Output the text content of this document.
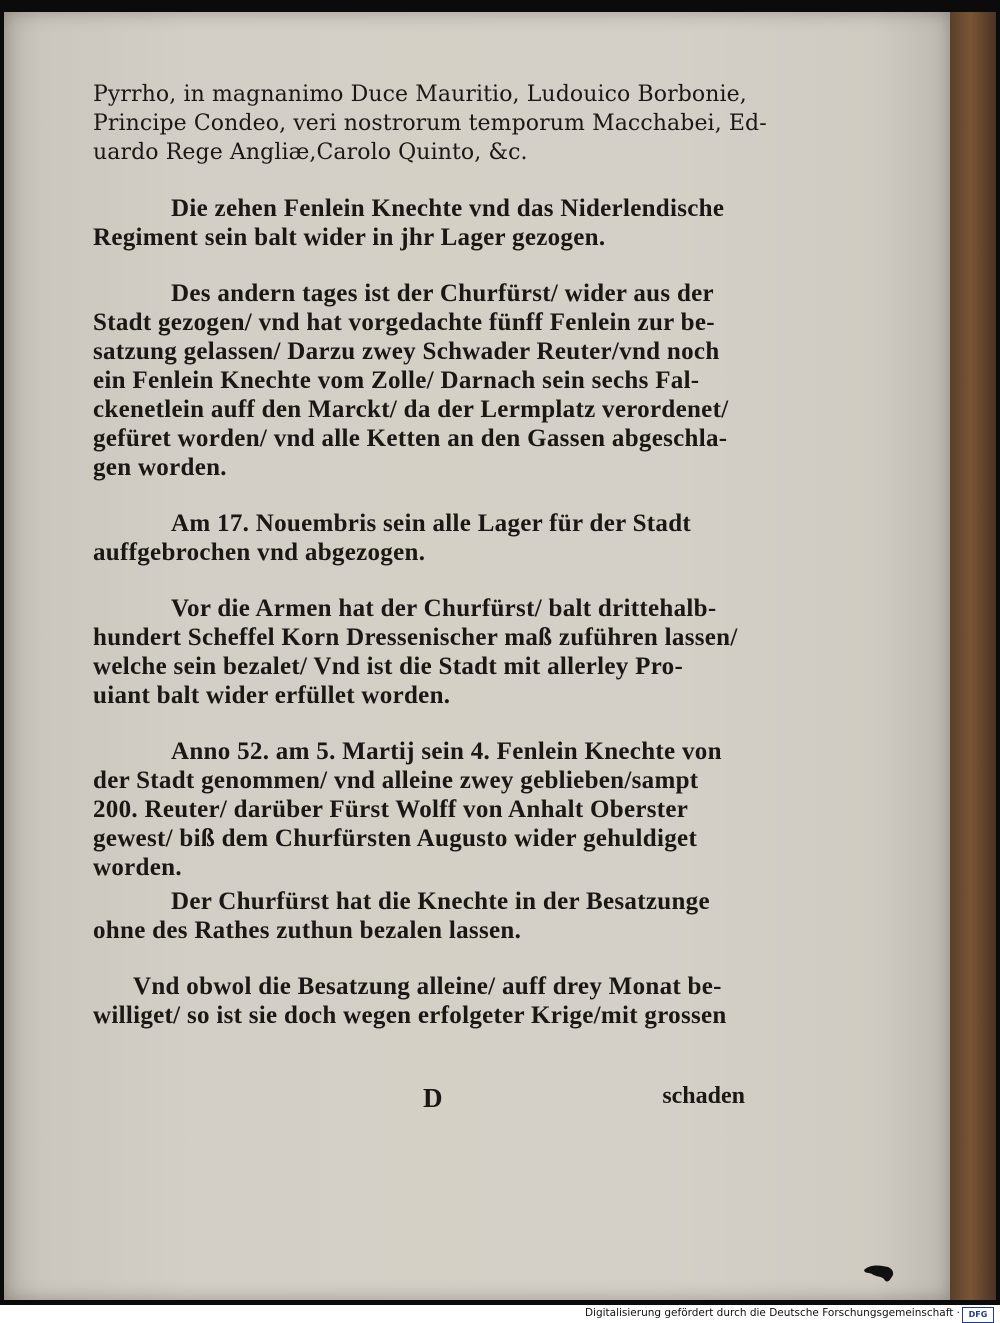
Pyrrho, in magnanimo Duce Mauritio, Ludouico Borbonie,
Principe Condeo, veri nostrorum temporum Macchabei, Ed-
uardo Rege Angliæ,Carolo Quinto, &c.
Die zehen Fenlein Knechte vnd das Niderlendische
Regiment sein balt wider in jhr Lager gezogen.
Des andern tages ist der Churfürst/ wider aus der
Stadt gezogen/ vnd hat vorgedachte fünff Fenlein zur be-
satzung gelassen/ Darzu zwey Schwader Reuter/vnd noch
ein Fenlein Knechte vom Zolle/ Darnach sein sechs Fal-
ckenetlein auff den Marckt/ da der Lermplatz verordenet/
gefüret worden/ vnd alle Ketten an den Gassen abgeschla-
gen worden.
Am 17. Nouembris sein alle Lager für der Stadt
auffgebrochen vnd abgezogen.
Vor die Armen hat der Churfürst/ balt drittehalb-
hundert Scheffel Korn Dressenischer maß zuführen lassen/
welche sein bezalet/ Vnd ist die Stadt mit allerley Pro-
uiant balt wider erfüllet worden.
Anno 52. am 5. Martij sein 4. Fenlein Knechte von
der Stadt genommen/ vnd alleine zwey geblieben/sampt
200. Reuter/ darüber Fürst Wolff von Anhalt Oberster
gewest/ biß dem Churfürsten Augusto wider gehuldiget
worden.
Der Churfürst hat die Knechte in der Besatzunge
ohne des Rathes zuthun bezalen lassen.
Vnd obwol die Besatzung alleine/ auff drey Monat be-
williget/ so ist sie doch wegen erfolgeter Krige/mit grossen
D	schaden
Digitalisierung gefördert durch die Deutsche Forschungsgemeinschaft ·	DFG
